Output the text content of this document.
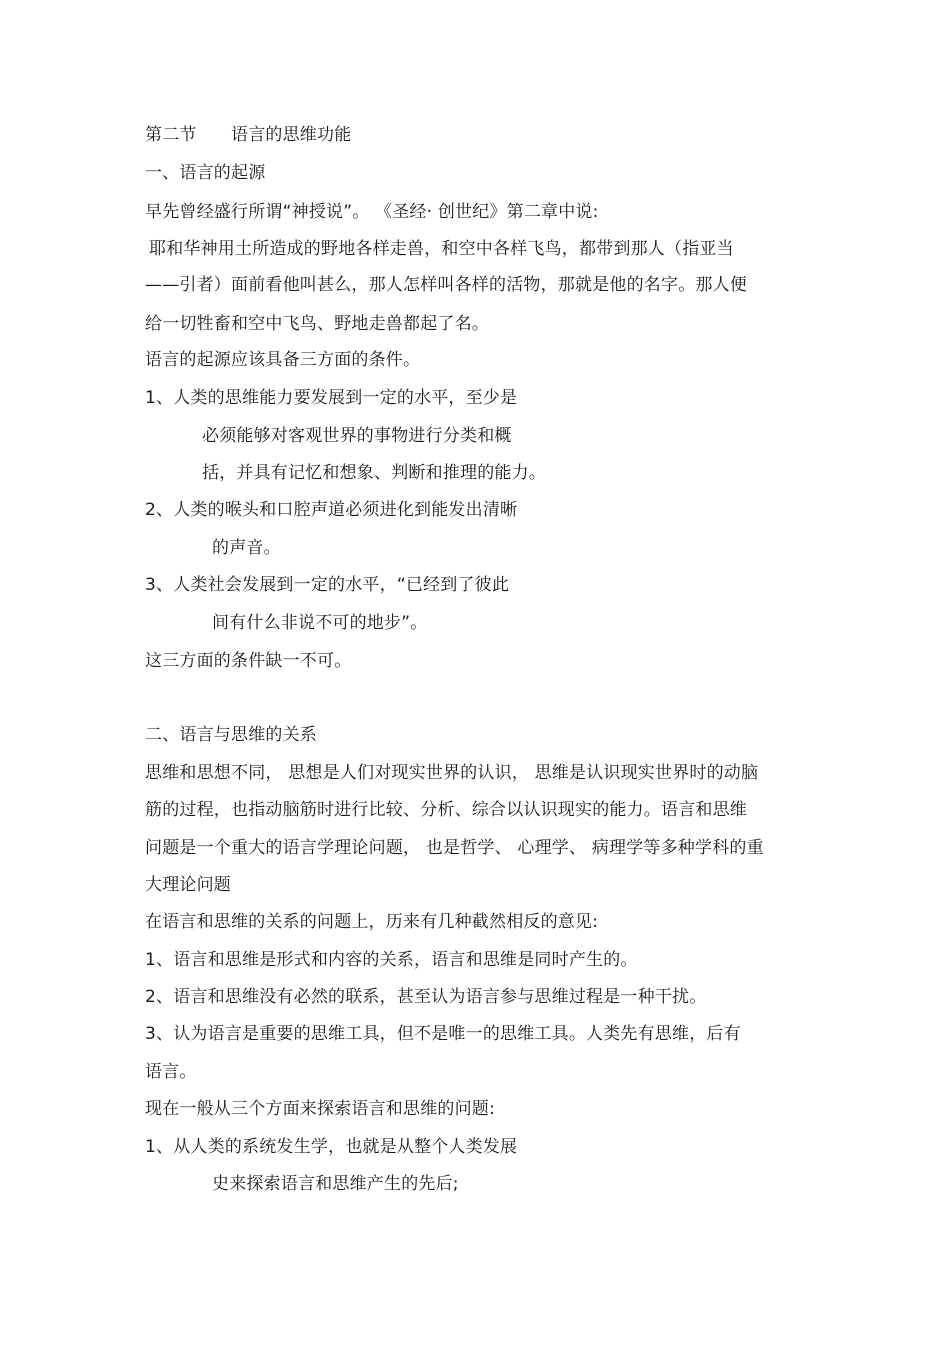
第二节　　语言的思维功能
一、语言的起源
早先曾经盛行所谓“神授说”。 《圣经· 创世纪》第二章中说:
耶和华神用土所造成的野地各样走兽，和空中各样飞鸟，都带到那人（指亚当
——引者）面前看他叫甚么，那人怎样叫各样的活物，那就是他的名字。那人便
给一切牲畜和空中飞鸟、野地走兽都起了名。
语言的起源应该具备三方面的条件。
1、人类的思维能力要发展到一定的水平，至少是
必须能够对客观世界的事物进行分类和概
括，并具有记忆和想象、判断和推理的能力。
2、人类的喉头和口腔声道必须进化到能发出清晰
的声音。
3、人类社会发展到一定的水平，“已经到了彼此
间有什么非说不可的地步”。
这三方面的条件缺一不可。
二、语言与思维的关系
思维和思想不同， 思想是人们对现实世界的认识， 思维是认识现实世界时的动脑
筋的过程，也指动脑筋时进行比较、分析、综合以认识现实的能力。语言和思维
问题是一个重大的语言学理论问题， 也是哲学、 心理学、 病理学等多种学科的重
大理论问题
在语言和思维的关系的问题上，历来有几种截然相反的意见:
1、语言和思维是形式和内容的关系，语言和思维是同时产生的。
2、语言和思维没有必然的联系，甚至认为语言参与思维过程是一种干扰。
3、认为语言是重要的思维工具，但不是唯一的思维工具。人类先有思维，后有
语言。
现在一般从三个方面来探索语言和思维的问题:
1、从人类的系统发生学，也就是从整个人类发展
史来探索语言和思维产生的先后;
